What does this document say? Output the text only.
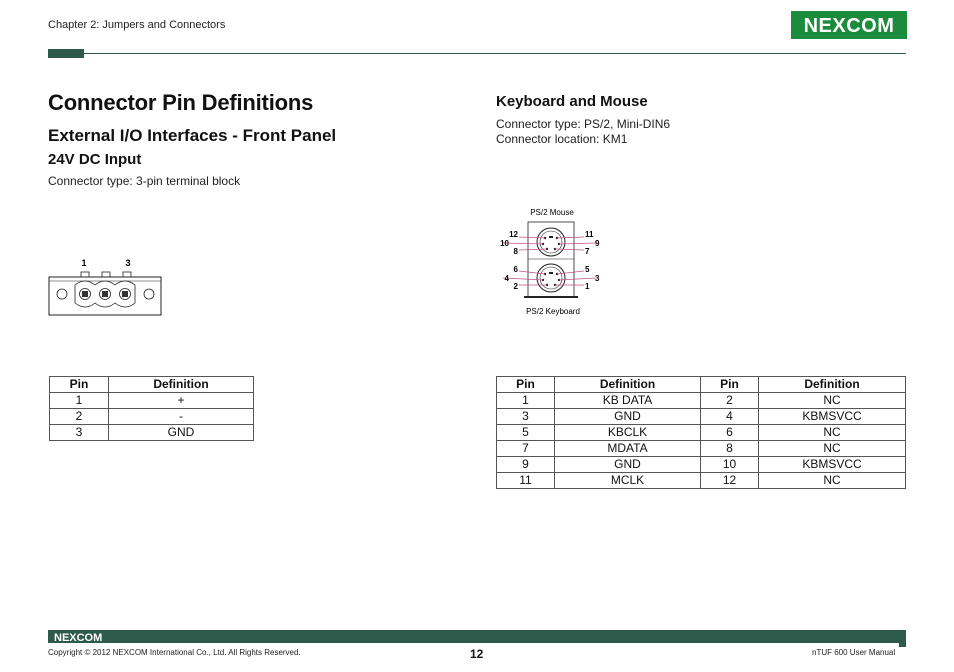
Chapter 2: Jumpers and Connectors	NEXCOM
Connector Pin Definitions
External I/O Interfaces - Front Panel
24V DC Input
Connector type: 3-pin terminal block
1	3
Pin	Definition
1	+
2	-
3	GND
Keyboard and Mouse
Connector type: PS/2, Mini-DIN6
Connector location: KM1
PS/2 Mouse
12
10
8
11
9
7
6
4
2
5
3
1
PS/2 Keyboard
Pin	Definition	Pin	Definition
1	KB DATA	2	NC
3	GND	4	KBMSVCC
5	KBCLK	6	NC
7	MDATA	8	NC
9	GND	10	KBMSVCC
11	MCLK	12	NC
NEXCOM
Copyright © 2012 NEXCOM International Co., Ltd. All Rights Reserved.	12	nTUF 600 User Manual
